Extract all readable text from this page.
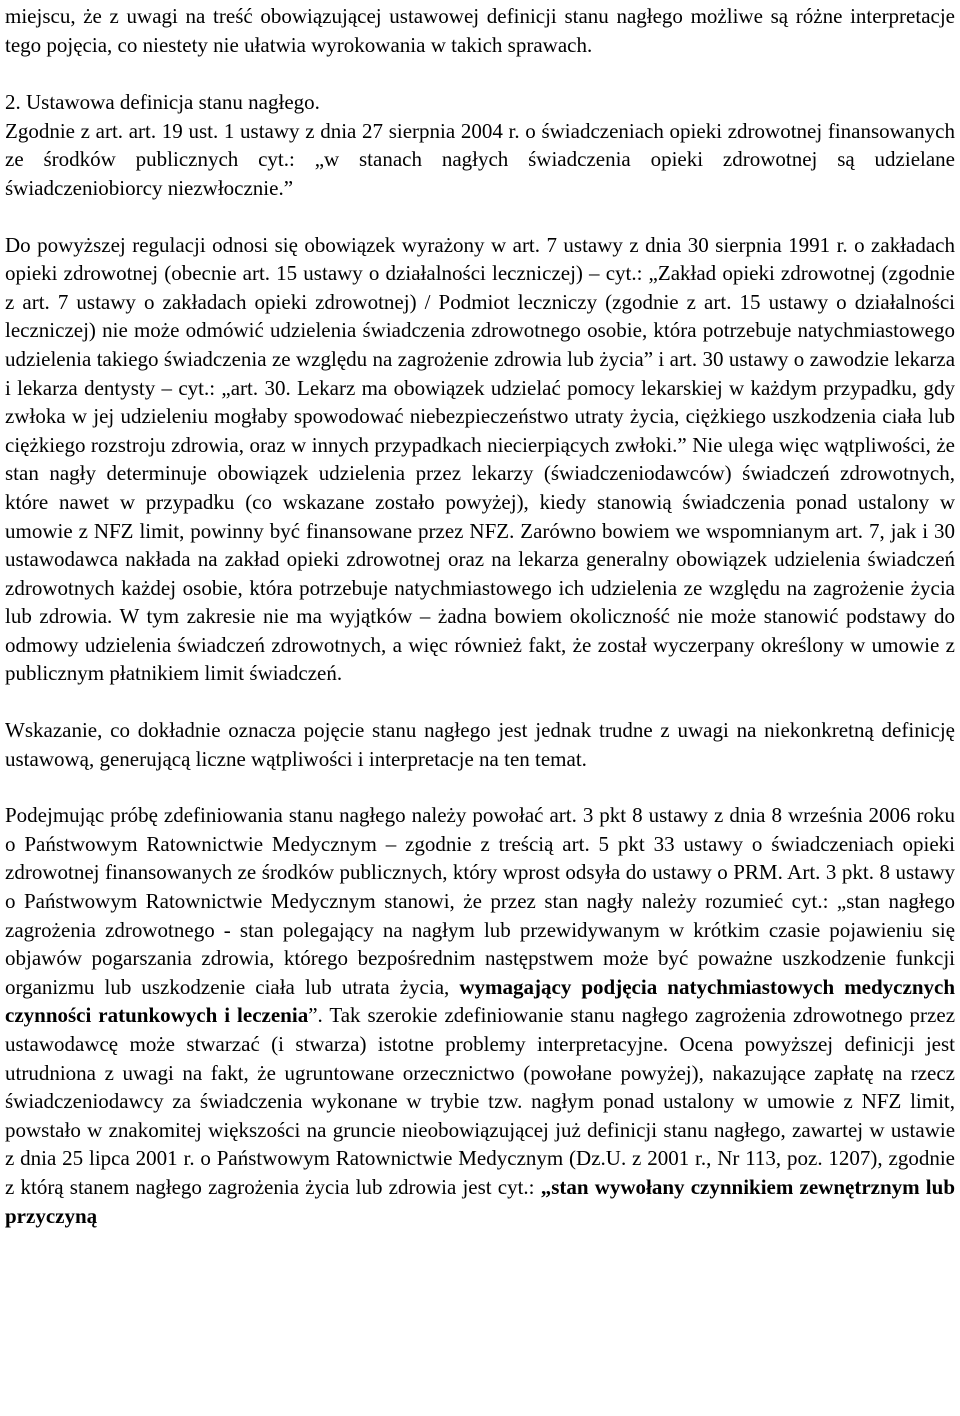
miejscu, że z uwagi na treść obowiązującej ustawowej definicji stanu nagłego możliwe są różne interpretacje tego pojęcia, co niestety nie ułatwia wyrokowania w takich sprawach.

2. Ustawowa definicja stanu nagłego.

Zgodnie z art. art. 19 ust. 1 ustawy z dnia 27 sierpnia 2004 r. o świadczeniach opieki zdrowotnej finansowanych ze środków publicznych cyt.: „w stanach nagłych świadczenia opieki zdrowotnej są udzielane świadczeniobiorcy niezwłocznie.”

Do powyższej regulacji odnosi się obowiązek wyrażony w art. 7 ustawy z dnia 30 sierpnia 1991 r. o zakładach opieki zdrowotnej (obecnie art. 15 ustawy o działalności leczniczej) – cyt.: „Zakład opieki zdrowotnej (zgodnie z art. 7 ustawy o zakładach opieki zdrowotnej) / Podmiot leczniczy (zgodnie z art. 15 ustawy o działalności leczniczej) nie może odmówić udzielenia świadczenia zdrowotnego osobie, która potrzebuje natychmiastowego udzielenia takiego świadczenia ze względu na zagrożenie zdrowia lub życia” i art. 30 ustawy o zawodzie lekarza i lekarza dentysty – cyt.: „art. 30. Lekarz ma obowiązek udzielać pomocy lekarskiej w każdym przypadku, gdy zwłoka w jej udzieleniu mogłaby spowodować niebezpieczeństwo utraty życia, ciężkiego uszkodzenia ciała lub ciężkiego rozstroju zdrowia, oraz w innych przypadkach niecierpiących zwłoki.” Nie ulega więc wątpliwości, że stan nagły determinuje obowiązek udzielenia przez lekarzy (świadczeniodawców) świadczeń zdrowotnych, które nawet w przypadku (co wskazane zostało powyżej), kiedy stanowią świadczenia ponad ustalony w umowie z NFZ limit, powinny być finansowane przez NFZ. Zarówno bowiem we wspomnianym art. 7, jak i 30 ustawodawca nakłada na zakład opieki zdrowotnej oraz na lekarza generalny obowiązek udzielenia świadczeń zdrowotnych każdej osobie, która potrzebuje natychmiastowego ich udzielenia ze względu na zagrożenie życia lub zdrowia. W tym zakresie nie ma wyjątków – żadna bowiem okoliczność nie może stanowić podstawy do odmowy udzielenia świadczeń zdrowotnych, a więc również fakt, że został wyczerpany określony w umowie z publicznym płatnikiem limit świadczeń.

Wskazanie, co dokładnie oznacza pojęcie stanu nagłego jest jednak trudne z uwagi na niekonkretną definicję ustawową, generującą liczne wątpliwości i interpretacje na ten temat.

Podejmując próbę zdefiniowania stanu nagłego należy powołać art. 3 pkt 8 ustawy z dnia 8 września 2006 roku o Państwowym Ratownictwie Medycznym – zgodnie z treścią art. 5 pkt 33 ustawy o świadczeniach opieki zdrowotnej finansowanych ze środków publicznych, który wprost odsyła do ustawy o PRM. Art. 3 pkt. 8 ustawy o Państwowym Ratownictwie Medycznym stanowi, że przez stan nagły należy rozumieć cyt.: „stan nagłego zagrożenia zdrowotnego - stan polegający na nagłym lub przewidywanym w krótkim czasie pojawieniu się objawów pogarszania zdrowia, którego bezpośrednim następstwem może być poważne uszkodzenie funkcji organizmu lub uszkodzenie ciała lub utrata życia, wymagający podjęcia natychmiastowych medycznych czynności ratunkowych i leczenia”. Tak szerokie zdefiniowanie stanu nagłego zagrożenia zdrowotnego przez ustawodawcę może stwarzać (i stwarza) istotne problemy interpretacyjne. Ocena powyższej definicji jest utrudniona z uwagi na fakt, że ugruntowane orzecznictwo (powołane powyżej), nakazujące zapłatę na rzecz świadczeniodawcy za świadczenia wykonane w trybie tzw. nagłym ponad ustalony w umowie z NFZ limit, powstało w znakomitej większości na gruncie nieobowiązującej już definicji stanu nagłego, zawartej w ustawie z dnia 25 lipca 2001 r. o Państwowym Ratownictwie Medycznym (Dz.U. z 2001 r., Nr 113, poz. 1207), zgodnie z którą stanem nagłego zagrożenia życia lub zdrowia jest cyt.: „stan wywołany czynnikiem zewnętrznym lub przyczyną
